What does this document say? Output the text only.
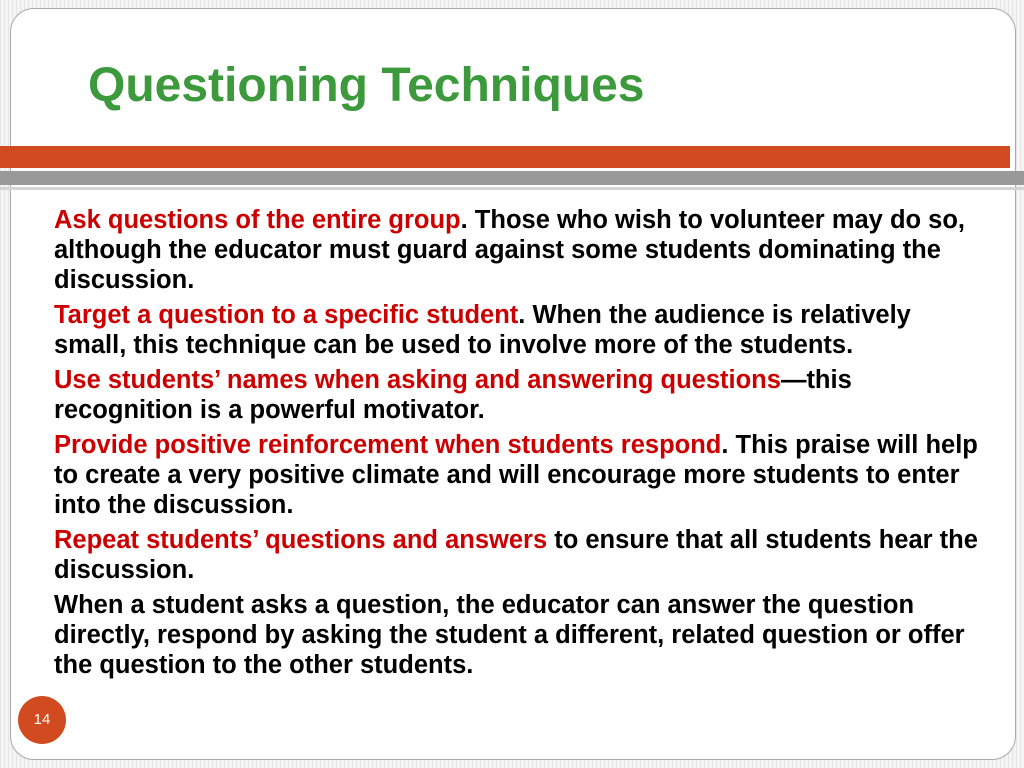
Questioning Techniques

Ask questions of the entire group. Those who wish to volunteer may do so, although the educator must guard against some students dominating the discussion.

Target a question to a specific student. When the audience is relatively small, this technique can be used to involve more of the students.

Use students’ names when asking and answering questions—this recognition is a powerful motivator.

Provide positive reinforcement when students respond. This praise will help to create a very positive climate and will encourage more students to enter into the discussion.

Repeat students’ questions and answers to ensure that all students hear the discussion.

When a student asks a question, the educator can answer the question directly, respond by asking the student a different, related question or offer the question to the other students.

14
